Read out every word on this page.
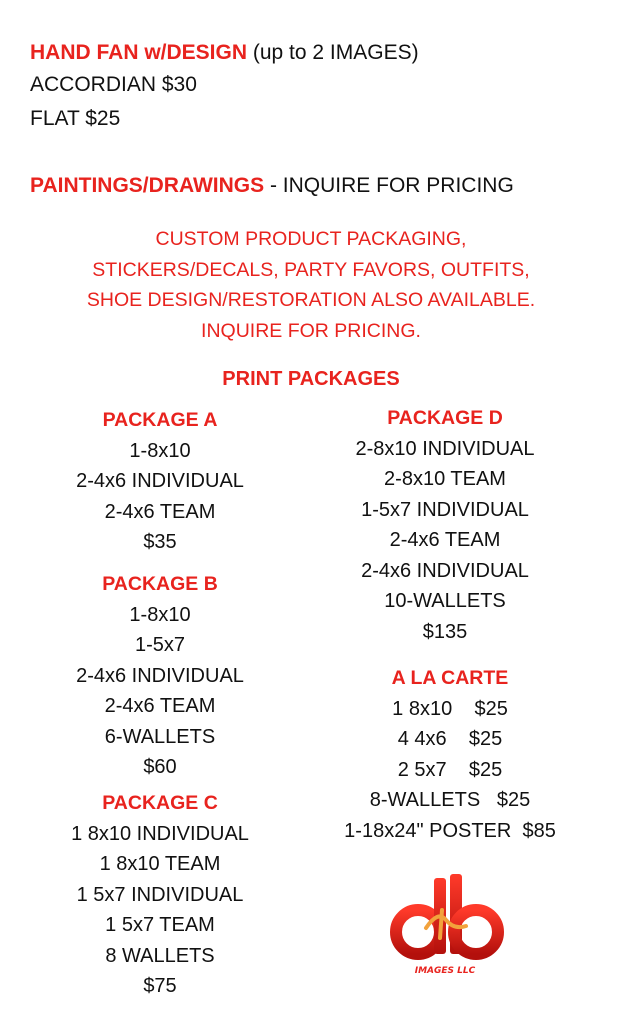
HAND FAN w/DESIGN (up to 2 IMAGES)
ACCORDIAN $30
FLAT $25
PAINTINGS/DRAWINGS - INQUIRE FOR PRICING
CUSTOM PRODUCT PACKAGING,
STICKERS/DECALS, PARTY FAVORS, OUTFITS,
SHOE DESIGN/RESTORATION ALSO AVAILABLE.
INQUIRE FOR PRICING.
PRINT PACKAGES
PACKAGE A
1-8x10
2-4x6 INDIVIDUAL
2-4x6 TEAM
$35
PACKAGE B
1-8x10
1-5x7
2-4x6 INDIVIDUAL
2-4x6 TEAM
6-WALLETS
$60
PACKAGE C
1 8x10 INDIVIDUAL
1 8x10 TEAM
1 5x7 INDIVIDUAL
1 5x7 TEAM
8 WALLETS
$75
PACKAGE D
2-8x10 INDIVIDUAL
2-8x10 TEAM
1-5x7 INDIVIDUAL
2-4x6 TEAM
2-4x6 INDIVIDUAL
10-WALLETS
$135
A LA CARTE
1 8x10    $25
4 4x6    $25
2 5x7    $25
8-WALLETS   $25
1-18x24" POSTER  $85
IMAGES LLC
